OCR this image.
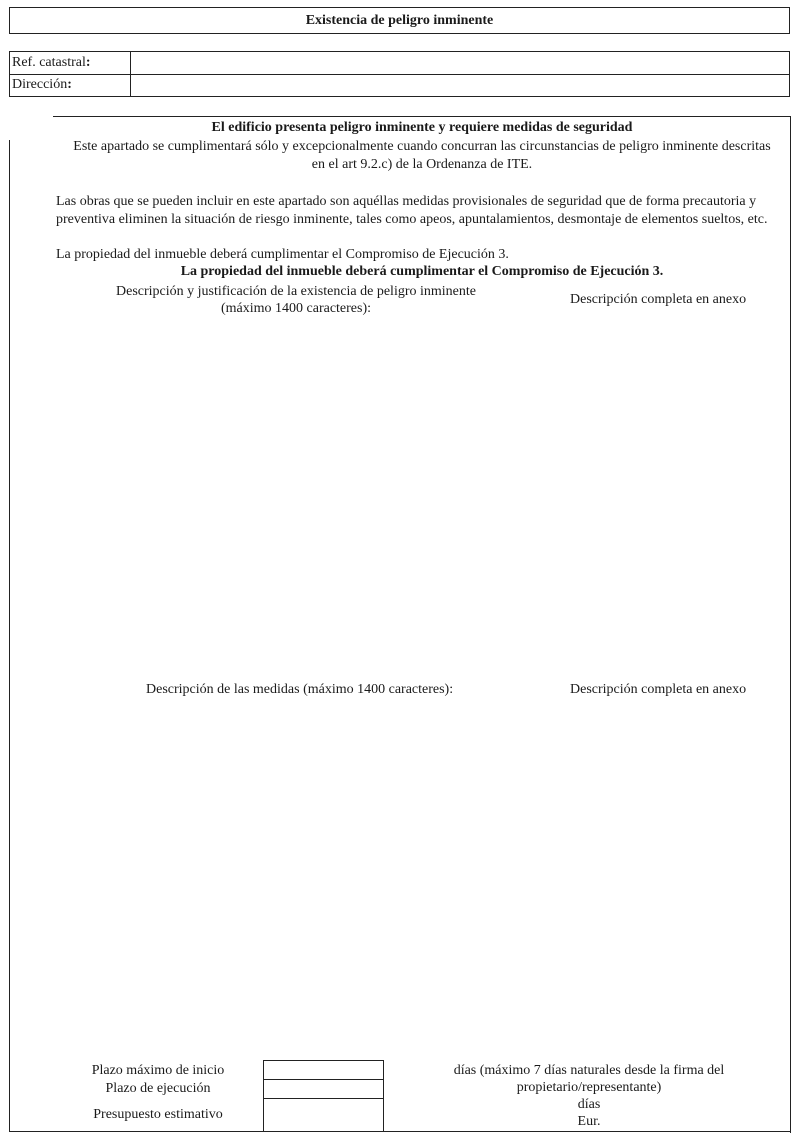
Existencia de peligro inminente
Ref. catastral:
Dirección:
El edificio presenta peligro inminente y requiere medidas de seguridad
Este apartado se cumplimentará sólo y excepcionalmente cuando concurran las circunstancias de peligro inminente descritas
en el art 9.2.c) de la Ordenanza de ITE.
Las obras que se pueden incluir en este apartado son aquéllas medidas provisionales de seguridad que de forma precautoria y
preventiva eliminen la situación de riesgo inminente, tales como apeos, apuntalamientos, desmontaje de elementos sueltos, etc.
La propiedad del inmueble deberá cumplimentar el Compromiso de Ejecución 3.
La propiedad del inmueble deberá cumplimentar el Compromiso de Ejecución 3.
Descripción y justificación de la existencia de peligro inminente
(máximo 1400 caracteres):
Descripción completa en anexo
Descripción de las medidas (máximo 1400 caracteres):	Descripción completa en anexo
Plazo máximo de inicio
Plazo de ejecución
Presupuesto estimativo
días (máximo 7 días naturales desde la firma del
propietario/representante)
días
Eur.
